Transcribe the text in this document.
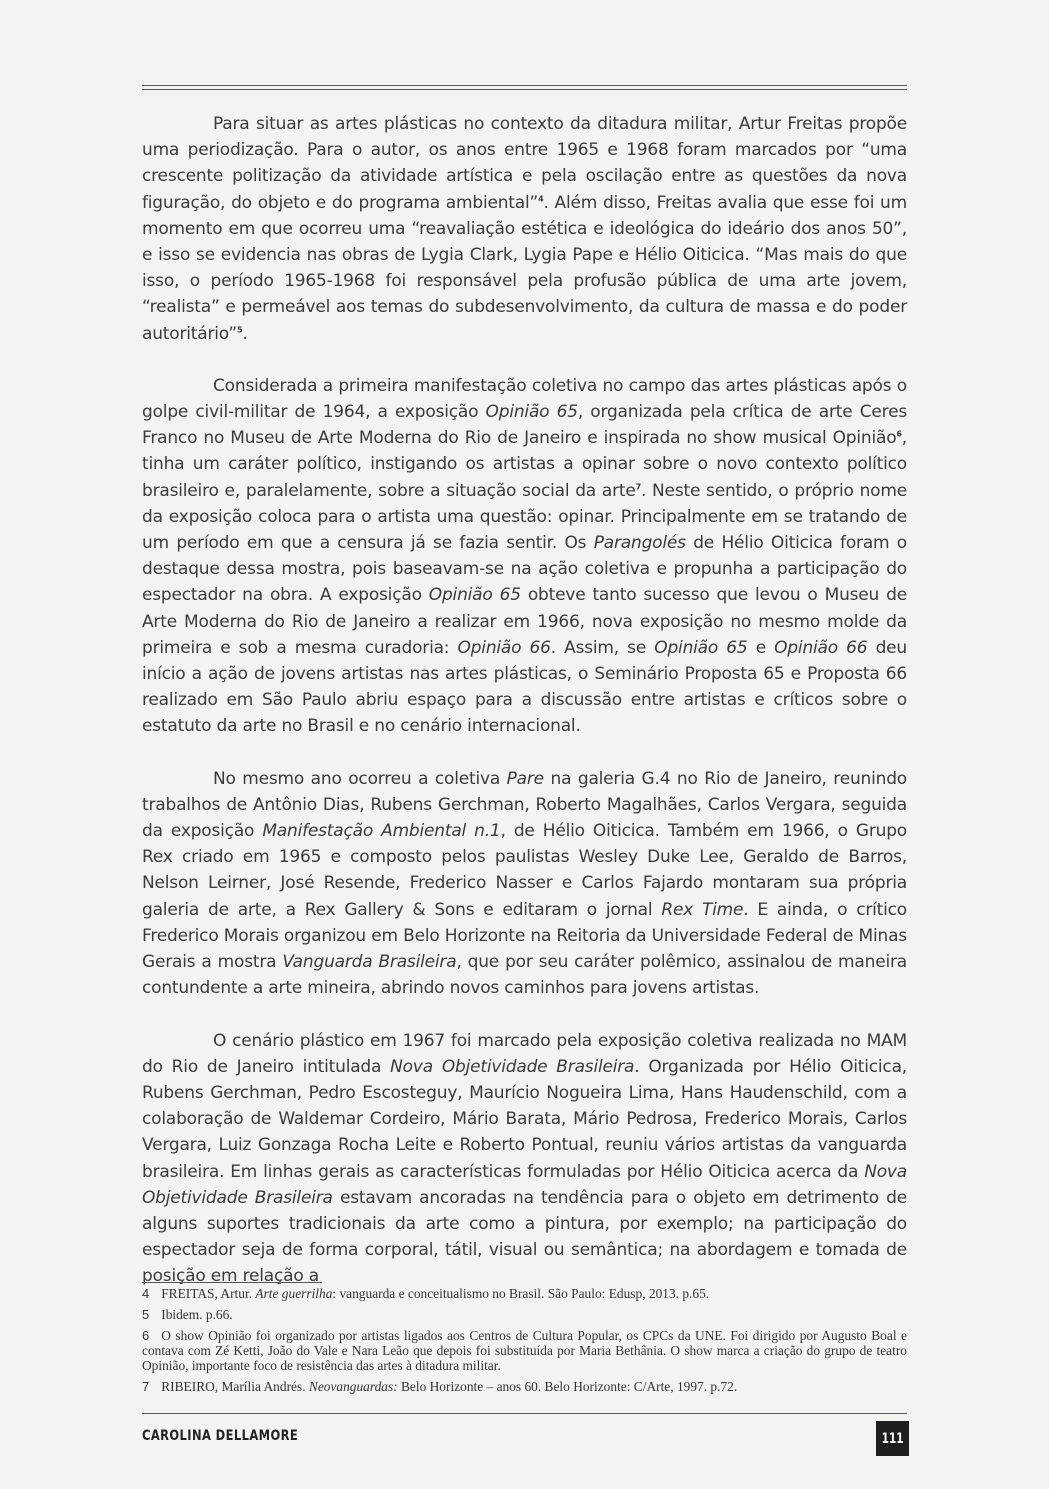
Para situar as artes plásticas no contexto da ditadura militar, Artur Freitas propõe uma periodização. Para o autor, os anos entre 1965 e 1968 foram marcados por “uma crescente politização da atividade artística e pela oscilação entre as questões da nova figuração, do objeto e do programa ambiental”$^4$. Além disso, Freitas avalia que esse foi um momento em que ocorreu uma “reavaliação estética e ideológica do ideário dos anos 50”, e isso se evidencia nas obras de Lygia Clark, Lygia Pape e Hélio Oiticica. “Mas mais do que isso, o período 1965-1968 foi responsável pela profusão pública de uma arte jovem, “realista” e permeável aos temas do subdesenvolvimento, da cultura de massa e do poder autoritário”$^5$.

Considerada a primeira manifestação coletiva no campo das artes plásticas após o golpe civil-militar de 1964, a exposição Opinião 65, organizada pela crítica de arte Ceres Franco no Museu de Arte Moderna do Rio de Janeiro e inspirada no show musical Opinião$^6$, tinha um caráter político, instigando os artistas a opinar sobre o novo contexto político brasileiro e, paralelamente, sobre a situação social da arte$^7$. Neste sentido, o próprio nome da exposição coloca para o artista uma questão: opinar. Principalmente em se tratando de um período em que a censura já se fazia sentir. Os Parangolés de Hélio Oiticica foram o destaque dessa mostra, pois baseavam-se na ação coletiva e propunha a participação do espectador na obra. A exposição Opinião 65 obteve tanto sucesso que levou o Museu de Arte Moderna do Rio de Janeiro a realizar em 1966, nova exposição no mesmo molde da primeira e sob a mesma curadoria: Opinião 66. Assim, se Opinião 65 e Opinião 66 deu início a ação de jovens artistas nas artes plásticas, o Seminário Proposta 65 e Proposta 66 realizado em São Paulo abriu espaço para a discussão entre artistas e críticos sobre o estatuto da arte no Brasil e no cenário internacional.

No mesmo ano ocorreu a coletiva Pare na galeria G.4 no Rio de Janeiro, reunindo trabalhos de Antônio Dias, Rubens Gerchman, Roberto Magalhães, Carlos Vergara, seguida da exposição Manifestação Ambiental n.1, de Hélio Oiticica. Também em 1966, o Grupo Rex criado em 1965 e composto pelos paulistas Wesley Duke Lee, Geraldo de Barros, Nelson Leirner, José Resende, Frederico Nasser e Carlos Fajardo montaram sua própria galeria de arte, a Rex Gallery & Sons e editaram o jornal Rex Time. E ainda, o crítico Frederico Morais organizou em Belo Horizonte na Reitoria da Universidade Federal de Minas Gerais a mostra Vanguarda Brasileira, que por seu caráter polêmico, assinalou de maneira contundente a arte mineira, abrindo novos caminhos para jovens artistas.

O cenário plástico em 1967 foi marcado pela exposição coletiva realizada no MAM do Rio de Janeiro intitulada Nova Objetividade Brasileira. Organizada por Hélio Oiticica, Rubens Gerchman, Pedro Escosteguy, Maurício Nogueira Lima, Hans Haudenschild, com a colaboração de Waldemar Cordeiro, Mário Barata, Mário Pedrosa, Frederico Morais, Carlos Vergara, Luiz Gonzaga Rocha Leite e Roberto Pontual, reuniu vários artistas da vanguarda brasileira. Em linhas gerais as características formuladas por Hélio Oiticica acerca da Nova Objetividade Brasileira estavam ancoradas na tendência para o objeto em detrimento de alguns suportes tradicionais da arte como a pintura, por exemplo; na participação do espectador seja de forma corporal, tátil, visual ou semântica; na abordagem e tomada de posição em relação a

4 FREITAS, Artur. Arte guerrilha: vanguarda e conceitualismo no Brasil. São Paulo: Edusp, 2013. p.65.
5 Ibidem. p.66.
6 O show Opinião foi organizado por artistas ligados aos Centros de Cultura Popular, os CPCs da UNE. Foi dirigido por Augusto Boal e contava com Zé Ketti, João do Vale e Nara Leão que depois foi substituída por Maria Bethânia. O show marca a criação do grupo de teatro Opinião, importante foco de resistência das artes à ditadura militar.
7 RIBEIRO, Marília Andrés. Neovanguardas: Belo Horizonte – anos 60. Belo Horizonte: C/Arte, 1997. p.72.
CAROLINA DELLAMORE	111
